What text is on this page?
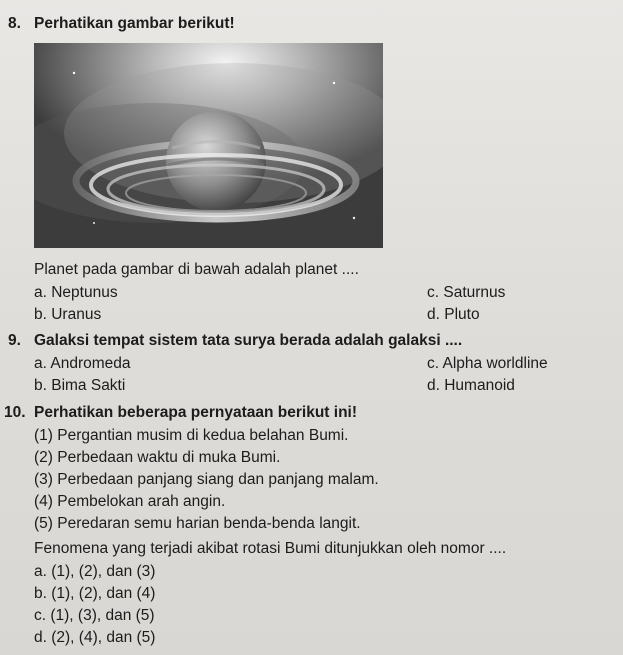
8. Perhatikan gambar berikut!
Planet pada gambar di bawah adalah planet ....
a. Neptunus	c. Saturnus
b. Uranus	d. Pluto
9. Galaksi tempat sistem tata surya berada adalah galaksi ....
a. Andromeda	c. Alpha worldline
b. Bima Sakti	d. Humanoid
10. Perhatikan beberapa pernyataan berikut ini!
(1) Pergantian musim di kedua belahan Bumi.
(2) Perbedaan waktu di muka Bumi.
(3) Perbedaan panjang siang dan panjang malam.
(4) Pembelokan arah angin.
(5) Peredaran semu harian benda-benda langit.
Fenomena yang terjadi akibat rotasi Bumi ditunjukkan oleh nomor ....
a. (1), (2), dan (3)
b. (1), (2), dan (4)
c. (1), (3), dan (5)
d. (2), (4), dan (5)
